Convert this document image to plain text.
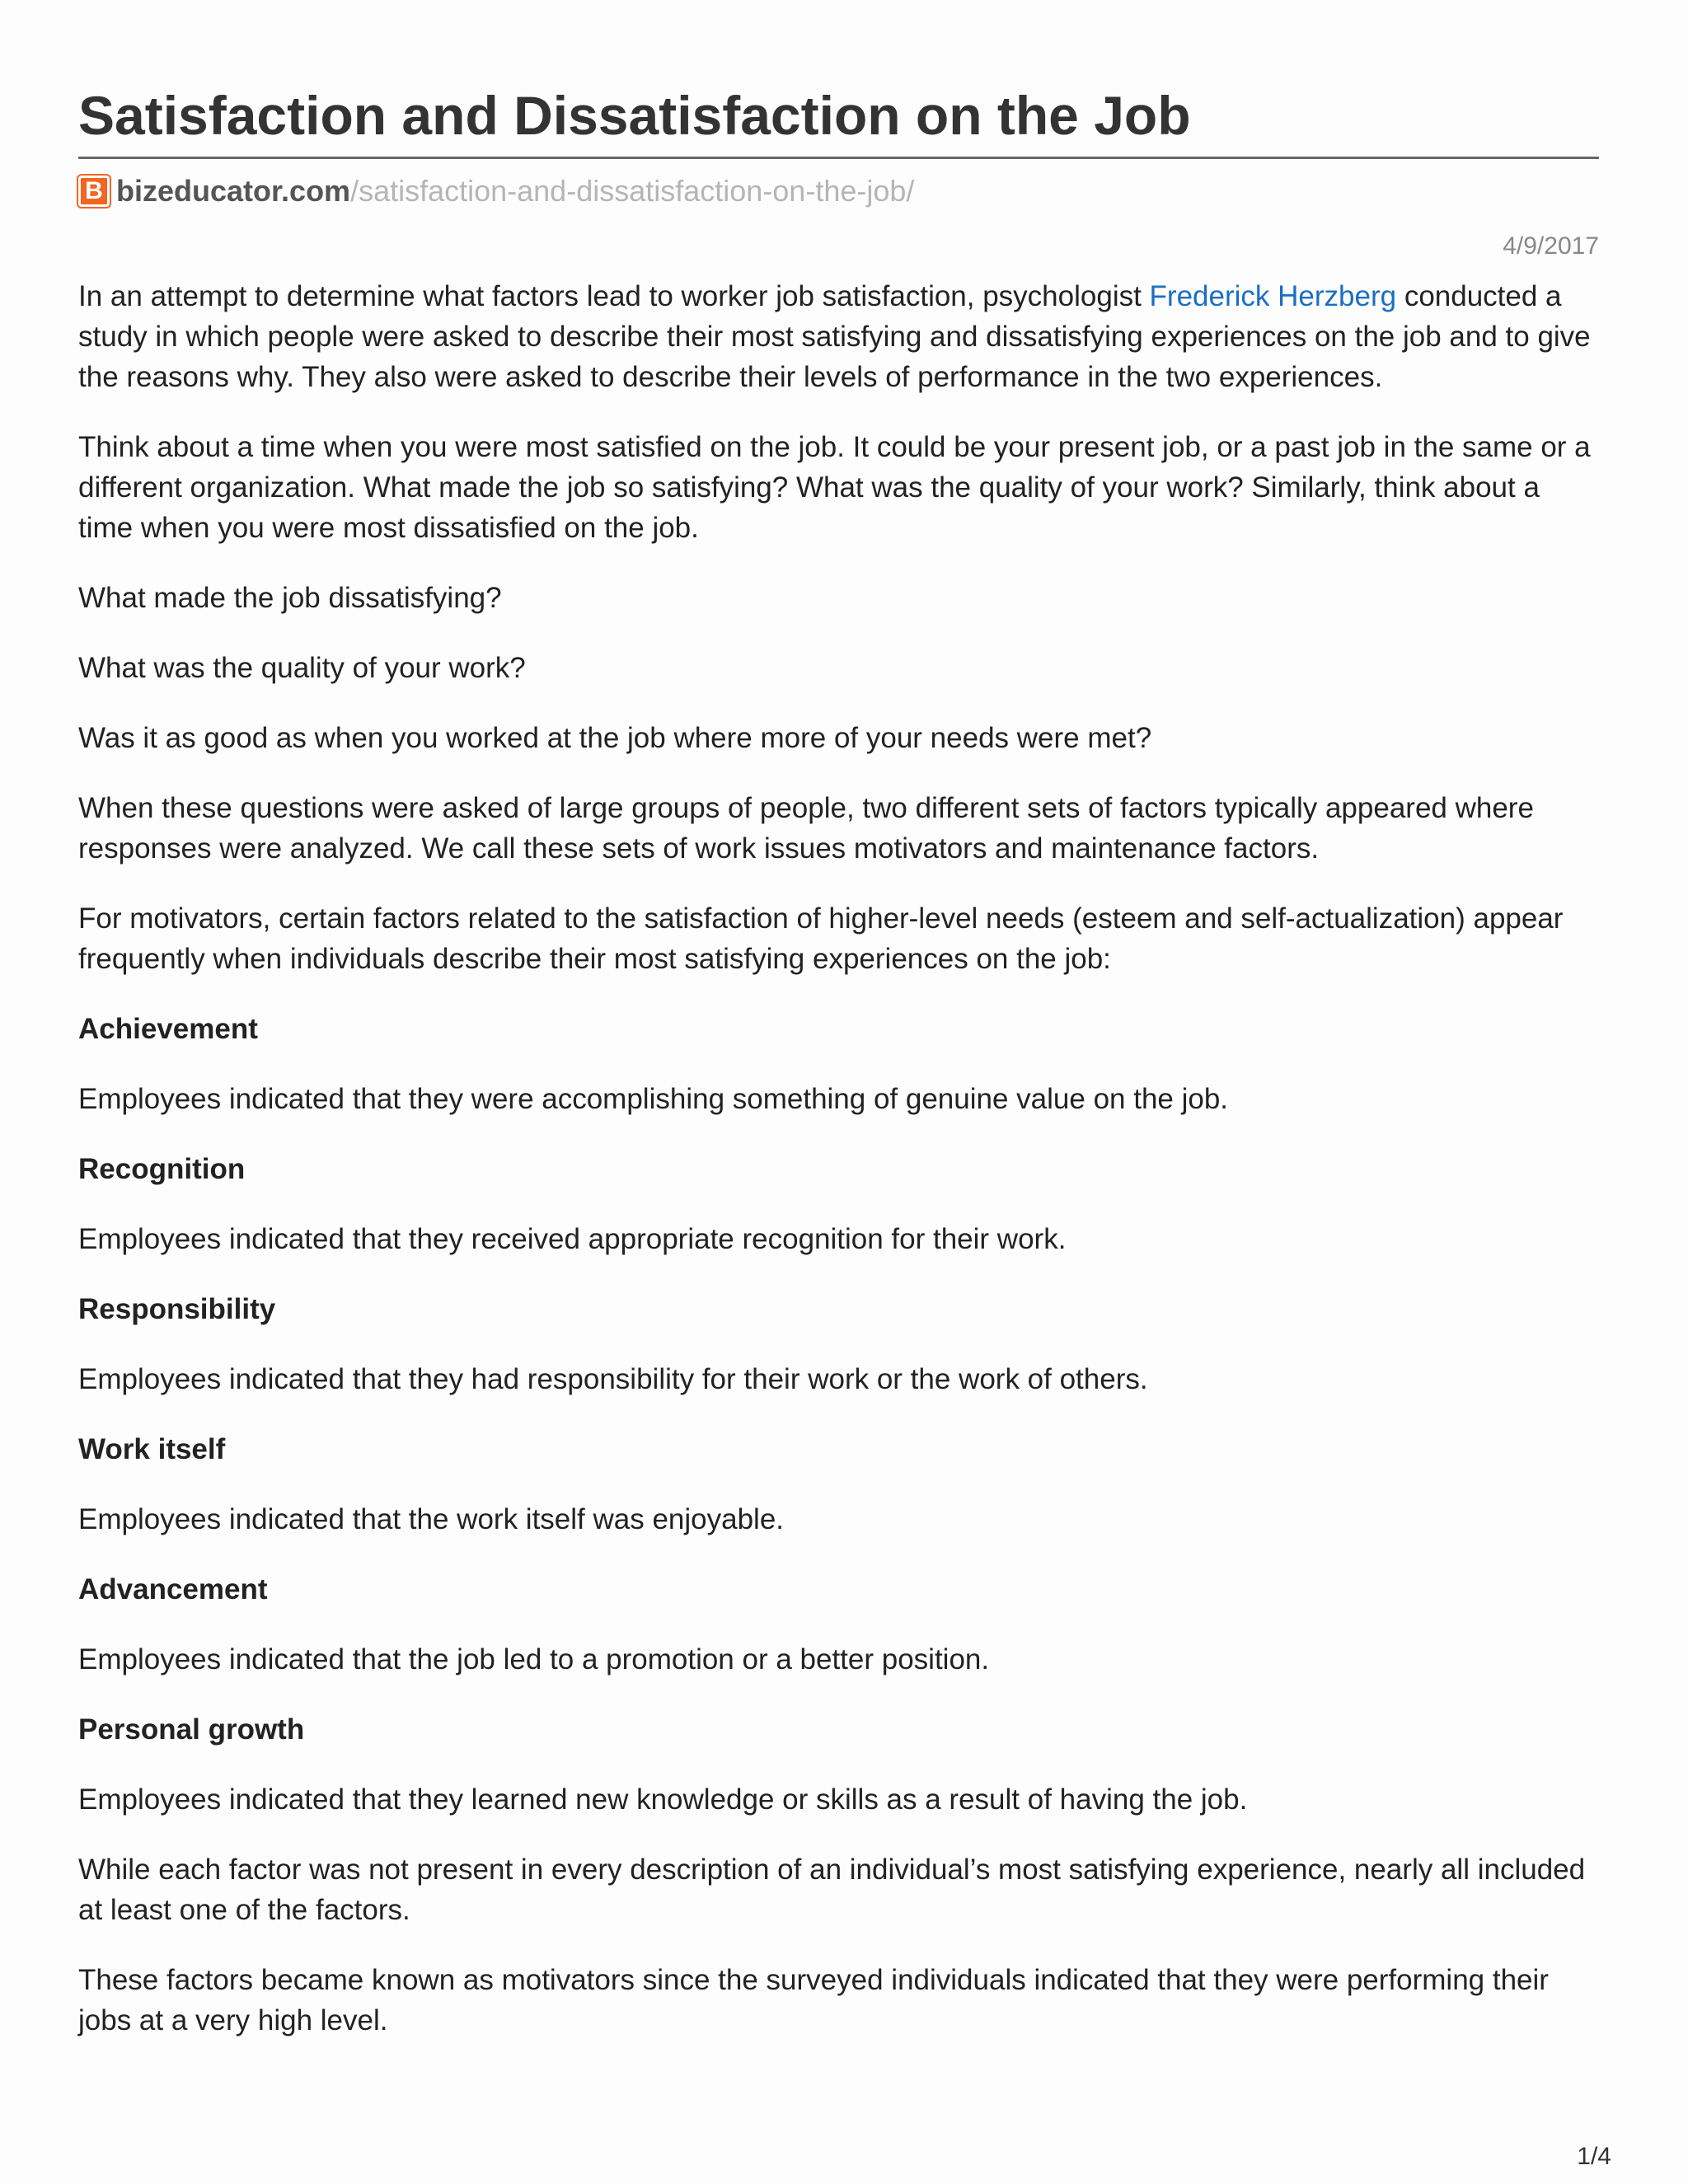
Satisfaction and Dissatisfaction on the Job
B bizeducator.com /satisfaction-and-dissatisfaction-on-the-job/
4/9/2017

In an attempt to determine what factors lead to worker job satisfaction, psychologist Frederick Herzberg conducted a study in which people were asked to describe their most satisfying and dissatisfying experiences on the job and to give the reasons why. They also were asked to describe their levels of performance in the two experiences.

Think about a time when you were most satisfied on the job. It could be your present job, or a past job in the same or a different organization. What made the job so satisfying? What was the quality of your work? Similarly, think about a time when you were most dissatisfied on the job.

What made the job dissatisfying?

What was the quality of your work?

Was it as good as when you worked at the job where more of your needs were met?

When these questions were asked of large groups of people, two different sets of factors typically appeared where responses were analyzed. We call these sets of work issues motivators and maintenance factors.

For motivators, certain factors related to the satisfaction of higher-level needs (esteem and self-actualization) appear frequently when individuals describe their most satisfying experiences on the job:

Achievement

Employees indicated that they were accomplishing something of genuine value on the job.

Recognition

Employees indicated that they received appropriate recognition for their work.

Responsibility

Employees indicated that they had responsibility for their work or the work of others.

Work itself

Employees indicated that the work itself was enjoyable.

Advancement

Employees indicated that the job led to a promotion or a better position.

Personal growth

Employees indicated that they learned new knowledge or skills as a result of having the job.

While each factor was not present in every description of an individual’s most satisfying experience, nearly all included at least one of the factors.

These factors became known as motivators since the surveyed individuals indicated that they were performing their jobs at a very high level.

1/4
